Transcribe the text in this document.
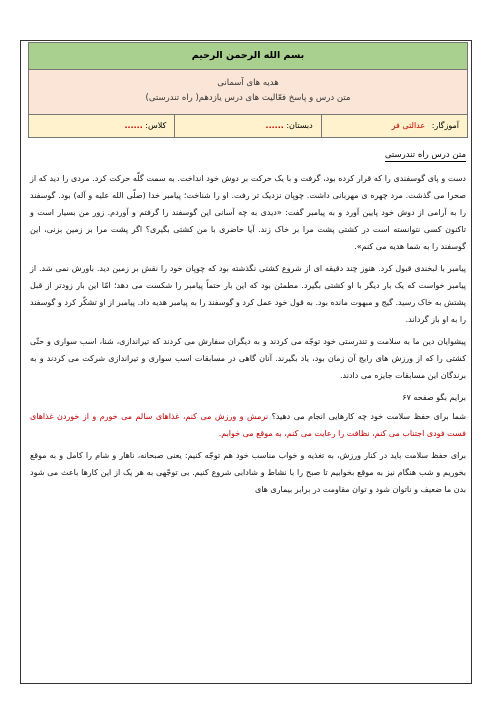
بسم الله الرحمن الرحیم
هدیه های آسمانی
متن درس و پاسخ فعّالیت های درس یازدهم( راه تندرستی)
آموزگار: عدالتی فر
دبستان: ......
کلاس: ......
متن درس راه تندرستی

دست و پای گوسفندی را که قرار کرده بود، گرفت و با یک حرکت بر دوش خود انداخت. به سمت گلّه حرکت کرد. مردی را دید که از صحرا می گذشت. مرد چهره ی مهربانی داشت. چوپان نزدیک تر رفت. او را شناخت؛ پیامبر خدا (صلّی الله علیه و آله) بود. گوسفند را به آرامی از دوش خود پایین آورد و به پیامبر گفت: «دیدی به چه آسانی این گوسفند را گرفتم و آوردم. زور من بسیار است و تاکنون کسی نتوانسته است در کشتی پشت مرا بر خاک زند. آیا حاضری با من کشتی بگیری؟ اگر پشت مرا بر زمین بزنی، این گوسفند را به شما هدیه می کنم».

پیامبر با لبخندی قبول کرد. هنوز چند دقیقه ای از شروع کشتی نگذشته بود که چوپان خود را نقش بر زمین دید. باورش نمی شد. از پیامبر خواست که یک بار دیگر با او کشتی بگیرد. مطمئن بود که این بار حتماً پیامبر را شکست می دهد؛ امّا این بار زودتر از قبل پشتش به خاک رسید. گیج و مبهوت مانده بود. به قول خود عمل کرد و گوسفند را به پیامبر هدیه داد. پیامبر از او تشکّر کرد و گوسفند را به او باز گرداند.

پیشوایان دین ما به سلامت و تندرستی خود توجّه می کردند و به دیگران سفارش می کردند که تیراندازی، شنا، اسب سواری و حتّی کشتی را که از ورزش های رایج آن زمان بود، یاد بگیرند. آنان گاهی در مسابقات اسب سواری و تیراندازی شرکت می کردند و به برندگان این مسابقات جایزه می دادند.

برایم بگو صفحه ۶۷

شما برای حفظ سلامت خود چه کارهایی انجام می دهید؟ نرمش و ورزش می کنم، غذاهای سالم می خورم و از خوردن غذاهای فست فودی اجتناب می کنم، نظافت را رعایت می کنم، به موقع می خوابم.

برای حفظ سلامت باید در کنار ورزش، به تغذیه و خواب مناسب خود هم توجّه کنیم: یعنی صبحانه، ناهار و شام را کامل و به موقع بخوریم و شب هنگام نیز به موقع بخوابیم تا صبح را با نشاط و شادابی شروع کنیم. بی توجّهی به هر یک از این کارها باعث می شود بدن ما ضعیف و ناتوان شود و توان مقاومت در برابر بیماری های
